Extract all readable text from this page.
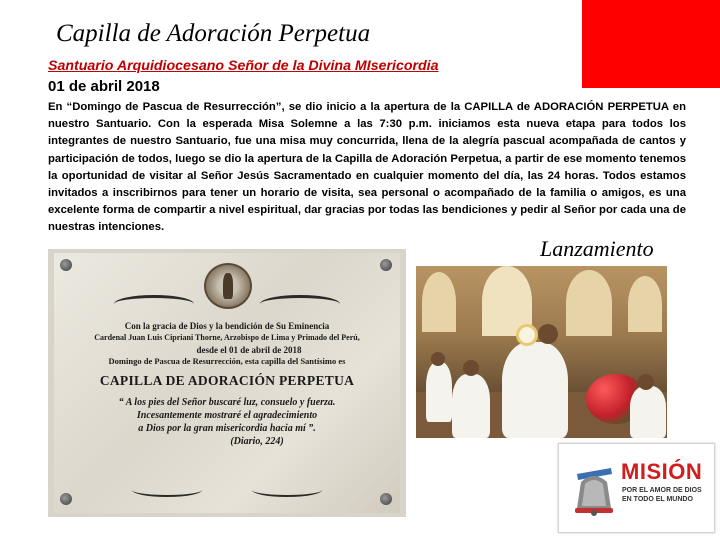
Capilla de Adoración Perpetua
Santuario Arquidiocesano Señor de la Divina MIsericordia
01 de abril 2018
En “Domingo de Pascua de Resurrección”, se dio inicio a la apertura de la CAPILLA de ADORACIÓN PERPETUA en nuestro Santuario. Con la esperada Misa Solemne a las 7:30 p.m. iniciamos esta nueva etapa para todos los integrantes de nuestro Santuario, fue una misa muy concurrida, llena de la alegría pascual acompañada de cantos y participación de todos, luego se dio la apertura de la Capilla de Adoración Perpetua, a partir de ese momento tenemos la oportunidad de visitar al Señor Jesús Sacramentado en cualquier momento del día, las 24 horas. Todos estamos invitados a inscribirnos para tener un horario de visita, sea personal o acompañado de la familia o amigos, es una excelente forma de compartir a nivel espiritual, dar gracias por todas las bendiciones y pedir al Señor por cada una de nuestras intenciones.
Lanzamiento
Con la gracia de Dios y la bendición de Su Eminencia
Cardenal Juan Luis Cipriani Thorne, Arzobispo de Lima y Primado del Perú,
desde el 01 de abril de 2018
Domingo de Pascua de Resurrección, esta capilla del Santísimo es
CAPILLA DE ADORACIÓN PERPETUA
“ A los pies del Señor buscaré luz, consuelo y fuerza.
Incesantemente mostraré el agradecimiento
a Dios por la gran misericordia hacia mí ”.
(Diario, 224)
MISIÓN
POR EL AMOR DE DIOS
EN TODO EL MUNDO
